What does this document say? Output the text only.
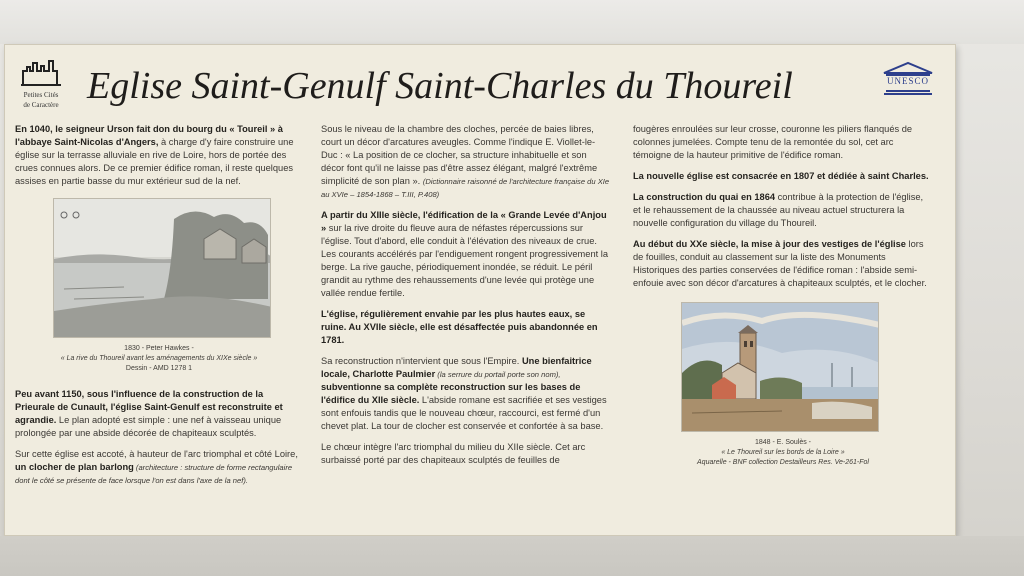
Petites Cités
de Caractère Eglise Saint-Genulf Saint-Charles du Thoureil	UNESCO

En 1040, le seigneur Urson fait don du bourg du « Toureil » à l'abbaye Saint-Nicolas d'Angers, à charge d'y faire construire une église sur la terrasse alluviale en rive de Loire, hors de portée des crues connues alors. De ce premier édifice roman, il reste quelques assises en partie basse du mur extérieur sud de la nef.

1830 - Peter Hawkes -
« La rive du Thoureil avant les aménagements du XIXe siècle »
Dessin - AMD 1278 1

Peu avant 1150, sous l'influence de la construction de la Prieurale de Cunault, l'église Saint-Genulf est reconstruite et agrandie. Le plan adopté est simple : une nef à vaisseau unique prolongée par une abside décorée de chapiteaux sculptés.

Sur cette église est accoté, à hauteur de l'arc triomphal et côté Loire, un clocher de plan barlong (architecture : structure de forme rectangulaire dont le côté se présente de face lorsque l'on est dans l'axe de la nef).

Sous le niveau de la chambre des cloches, percée de baies libres, court un décor d'arcatures aveugles. Comme l'indique E. Viollet-le-Duc : « La position de ce clocher, sa structure inhabituelle et son décor font qu'il ne laisse pas d'être assez élégant, malgré l'extrême simplicité de son plan ». (Dictionnaire raisonné de l'architecture française du XIe au XVIe – 1854-1868 – T.III, P.408)

A partir du XIIIe siècle, l'édification de la « Grande Levée d'Anjou » sur la rive droite du fleuve aura de néfastes répercussions sur l'église. Tout d'abord, elle conduit à l'élévation des niveaux de crue. Les courants accélérés par l'endiguement rongent progressivement la berge. La rive gauche, périodiquement inondée, se réduit. Le péril grandit au rythme des rehaussements d'une levée qui protège une vallée rendue fertile.

L'église, régulièrement envahie par les plus hautes eaux, se ruine. Au XVIIe siècle, elle est désaffectée puis abandonnée en 1781.

Sa reconstruction n'intervient que sous l'Empire. Une bienfaitrice locale, Charlotte Paulmier (la serrure du portail porte son nom), subventionne sa complète reconstruction sur les bases de l'édifice du XIIe siècle. L'abside romane est sacrifiée et ses vestiges sont enfouis tandis que le nouveau chœur, raccourci, est fermé d'un chevet plat. La tour de clocher est conservée et confortée à sa base.

Le chœur intègre l'arc triomphal du milieu du XIIe siècle. Cet arc surbaissé porté par des chapiteaux sculptés de feuilles de

fougères enroulées sur leur crosse, couronne les piliers flanqués de colonnes jumelées. Compte tenu de la remontée du sol, cet arc témoigne de la hauteur primitive de l'édifice roman.

La nouvelle église est consacrée en 1807 et dédiée à saint Charles.

La construction du quai en 1864 contribue à la protection de l'église, et le rehaussement de la chaussée au niveau actuel structurera la nouvelle configuration du village du Thoureil.

Au début du XXe siècle, la mise à jour des vestiges de l'église lors de fouilles, conduit au classement sur la liste des Monuments Historiques des parties conservées de l'édifice roman : l'abside semi-enfouie avec son décor d'arcatures à chapiteaux sculptés, et le clocher.

1848 - E. Soulès -
« Le Thoureil sur les bords de la Loire »
Aquarelle - BNF collection Destailleurs Res. Ve-261-Fol
